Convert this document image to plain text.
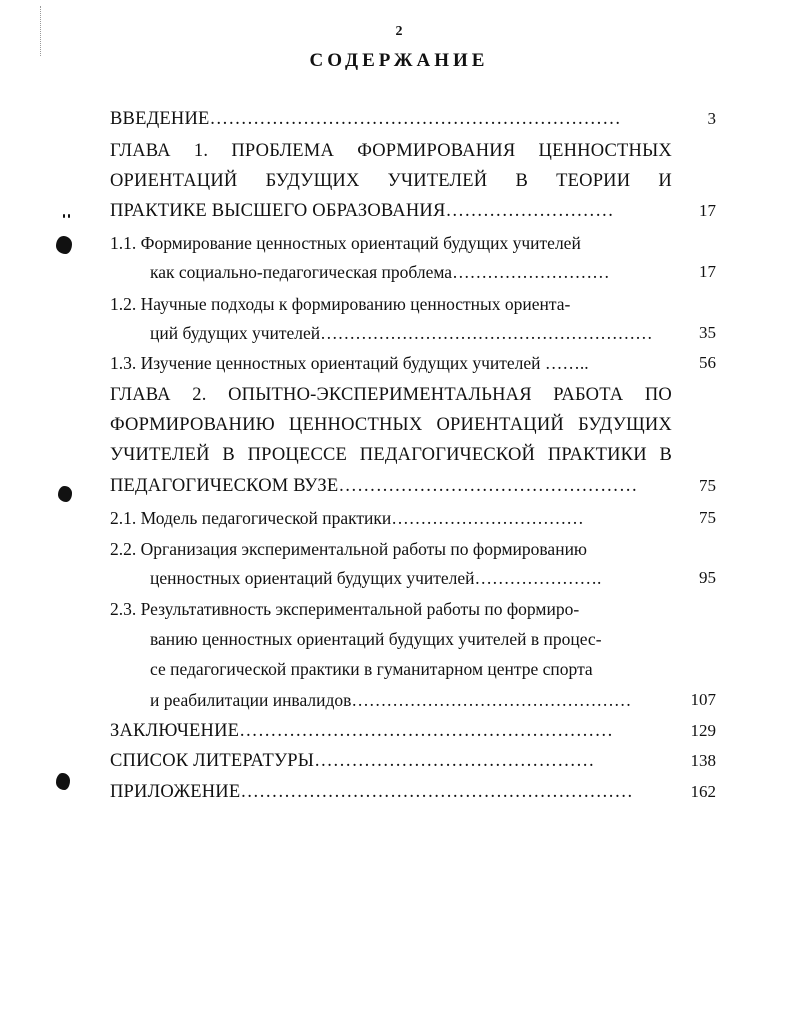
2
СОДЕРЖАНИЕ
ВВЕДЕНИЕ…………………………………………………………	3
ГЛАВА 1. ПРОБЛЕМА ФОРМИРОВАНИЯ ЦЕННОСТНЫХ
ОРИЕНТАЦИЙ БУДУЩИХ УЧИТЕЛЕЙ В ТЕОРИИ И
ПРАКТИКЕ ВЫСШЕГО ОБРАЗОВАНИЯ………………………	17
1.1. Формирование ценностных ориентаций будущих учителей
как социально-педагогическая проблема………………………	17
1.2. Научные подходы к формированию ценностных ориента-
ций будущих учителей…………………………………………………	35
1.3. Изучение ценностных ориентаций будущих учителей ……..	56
ГЛАВА 2. ОПЫТНО-ЭКСПЕРИМЕНТАЛЬНАЯ РАБОТА ПО
ФОРМИРОВАНИЮ ЦЕННОСТНЫХ ОРИЕНТАЦИЙ БУДУЩИХ
УЧИТЕЛЕЙ В ПРОЦЕССЕ ПЕДАГОГИЧЕСКОЙ ПРАКТИКИ В
ПЕДАГОГИЧЕСКОМ ВУЗЕ…………………………………………	75
2.1. Модель педагогической практики……………………………	75
2.2. Организация экспериментальной работы по формированию
ценностных ориентаций будущих учителей………………….	95
2.3. Результативность экспериментальной работы по формиро-
ванию ценностных ориентаций будущих учителей в процес-
се педагогической практики в гуманитарном центре спорта
и реабилитации инвалидов…………………………………………	107
ЗАКЛЮЧЕНИЕ……………………………………………………	129
СПИСОК ЛИТЕРАТУРЫ………………………………………	138
ПРИЛОЖЕНИЕ………………………………………………………	162
